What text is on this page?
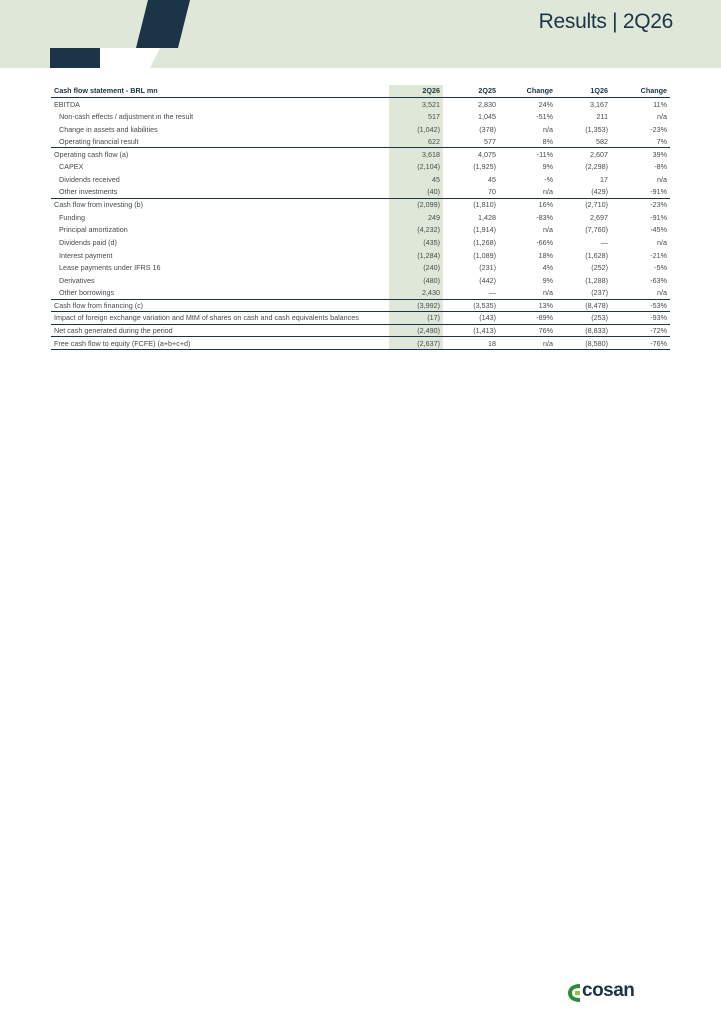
Results | 2Q26
Cash flow statement - BRL mn	2Q26	2Q25	Change	1Q26	Change
EBITDA	3,521	2,830	24%	3,167	11%
Non-cash effects / adjustment in the result	517	1,045	-51%	211	n/a
Change in assets and liabilities	(1,042)	(378)	n/a	(1,353)	-23%
Operating financial result	622	577	8%	582	7%
Operating cash flow (a)	3,618	4,075	-11%	2,607	39%
CAPEX	(2,104)	(1,925)	9%	(2,298)	-8%
Dividends received	45	45	-%	17	n/a
Other investments	(40)	70	n/a	(429)	-91%
Cash flow from investing (b)	(2,099)	(1,810)	16%	(2,710)	-23%
Funding	249	1,428	-83%	2,697	-91%
Principal amortization	(4,232)	(1,914)	n/a	(7,760)	-45%
Dividends paid (d)	(435)	(1,268)	-66%	—	n/a
Interest payment	(1,284)	(1,089)	18%	(1,628)	-21%
Lease payments under IFRS 16	(240)	(231)	4%	(252)	-5%
Derivatives	(480)	(442)	9%	(1,288)	-63%
Other borrowings	2,430	—	n/a	(237)	n/a
Cash flow from financing (c)	(3,992)	(3,535)	13%	(8,478)	-53%
Impact of foreign exchange variation and MtM of shares on cash and cash equivalents balances	(17)	(143)	-89%	(253)	-93%
Net cash generated during the period	(2,490)	(1,413)	76%	(8,833)	-72%
Free cash flow to equity (FCFE) (a+b+c+d)	(2,637)	18	n/a	(8,580)	-76%
cosan
